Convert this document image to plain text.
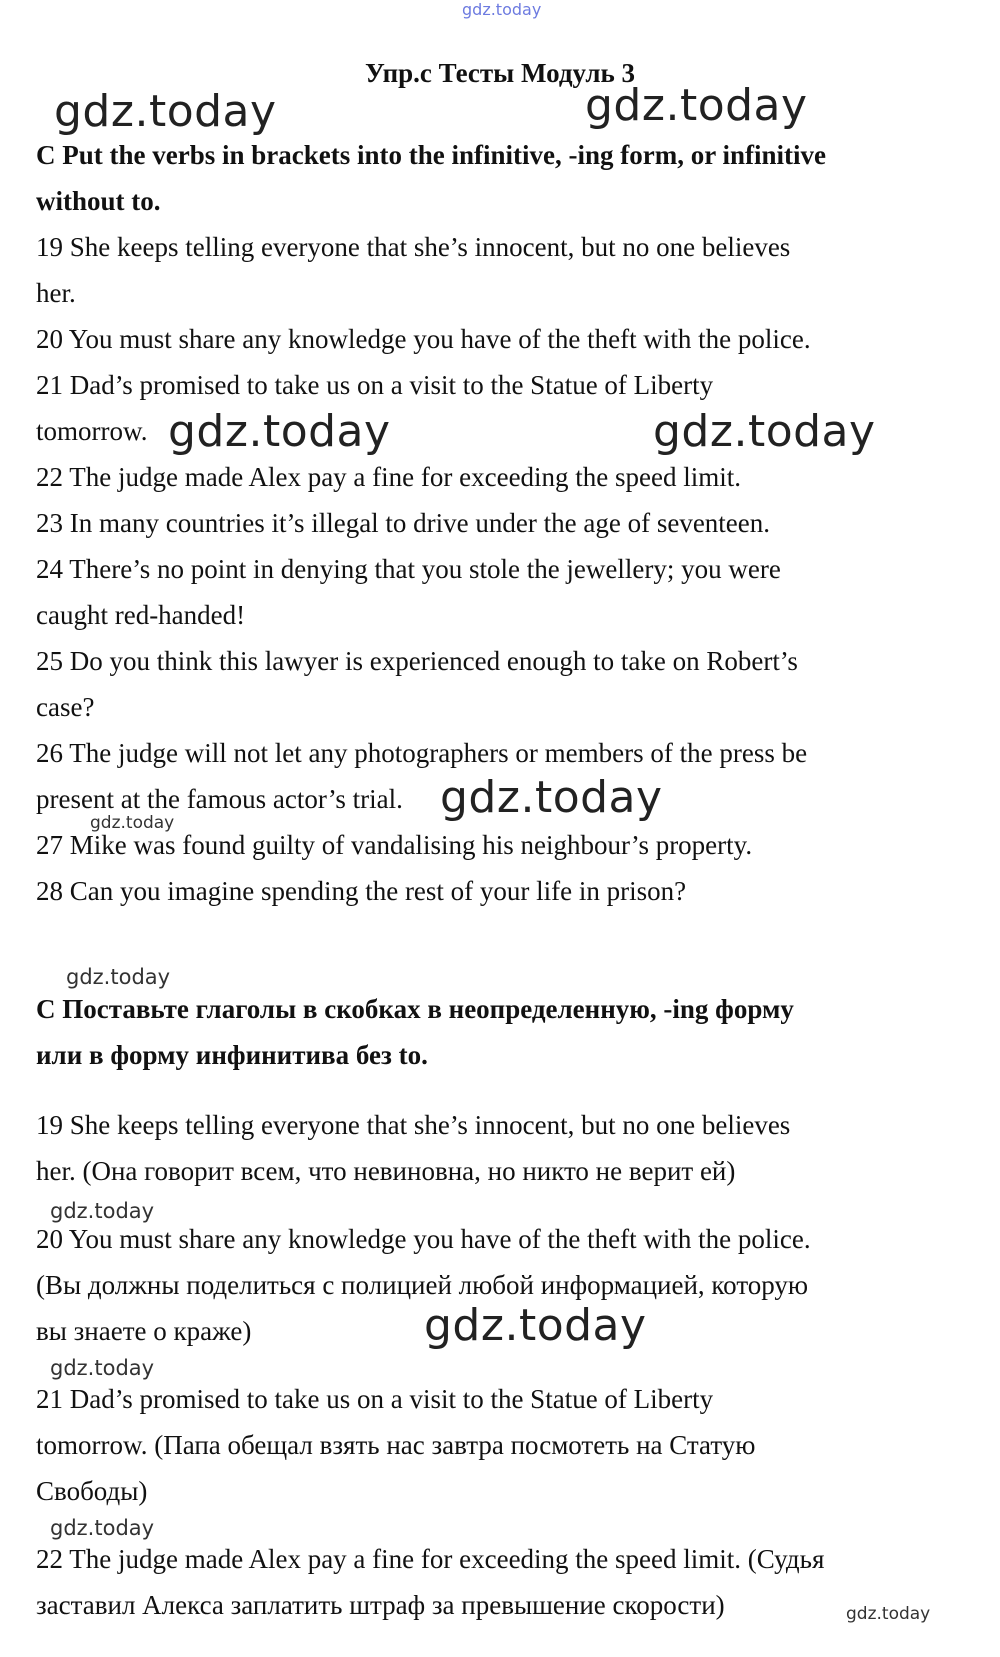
gdz.today
Упр.с Тесты Модуль 3
gdz.today	gdz.today

C Put the verbs in brackets into the infinitive, -ing form, or infinitive

without to.

19 She keeps telling everyone that she’s innocent, but no one believes

her.

20 You must share any knowledge you have of the theft with the police.

21 Dad’s promised to take us on a visit to the Statue of Liberty

tomorrow. gdz.today	gdz.today

22 The judge made Alex pay a fine for exceeding the speed limit.

23 In many countries it’s illegal to drive under the age of seventeen.

24 There’s no point in denying that you stole the jewellery; you were

caught red-handed!

25 Do you think this lawyer is experienced enough to take on Robert’s

case?

26 The judge will not let any photographers or members of the press be

present at the famous actor’s trial. gdz.today
gdz.today

27 Mike was found guilty of vandalising his neighbour’s property.

28 Can you imagine spending the rest of your life in prison?

gdz.today

C Поставьте глаголы в скобках в неопределенную, -ing форму

или в форму инфинитива без to.

19 She keeps telling everyone that she’s innocent, but no one believes

her. (Она говорит всем, что невиновна, но никто не верит ей)

gdz.today

20 You must share any knowledge you have of the theft with the police.

(Вы должны поделиться с полицией любой информацией, которую

вы знаете о краже)	gdz.today
gdz.today

21 Dad’s promised to take us on a visit to the Statue of Liberty

tomorrow. (Папа обещал взять нас завтра посмотеть на Статую

Свободы)

gdz.today

22 The judge made Alex pay a fine for exceeding the speed limit. (Судья

заставил Алекса заплатить штраф за превышение скорости)	gdz.today
